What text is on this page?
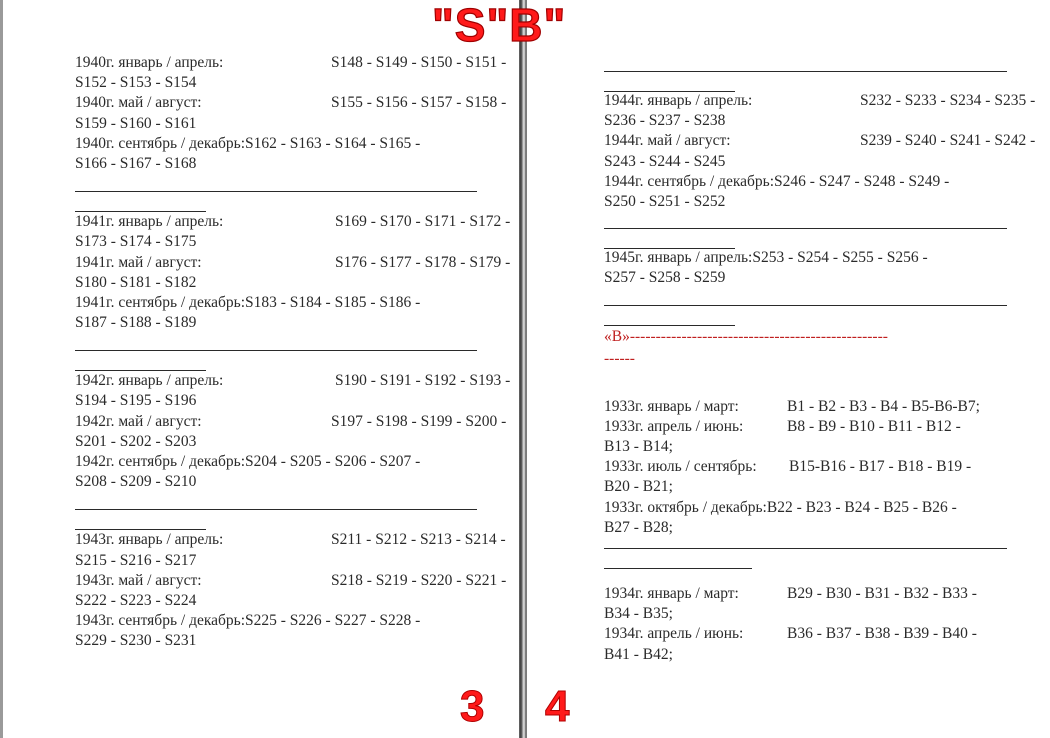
"S"B"
1940г. январь / апрель:	S148 - S149 - S150 - S151 -
S152 - S153 - S154
1940г. май / август:	S155 - S156 - S157 - S158 -
S159 - S160 - S161
1940г. сентябрь / декабрь:S162 - S163 - S164 - S165 -
S166 - S167 - S168
1941г. январь / апрель:	S169 - S170 - S171 - S172 -
S173 - S174 - S175
1941г. май / август:	S176 - S177 - S178 - S179 -
S180 - S181 - S182
1941г. сентябрь / декабрь:S183 - S184 - S185 - S186 -
S187 - S188 - S189
1942г. январь / апрель:	S190 - S191 - S192 - S193 -
S194 - S195 - S196
1942г. май / август:	S197 - S198 - S199 - S200 -
S201 - S202 - S203
1942г. сентябрь / декабрь:S204 - S205 - S206 - S207 -
S208 - S209 - S210
1943г. январь / апрель:	S211 - S212 - S213 - S214 -
S215 - S216 - S217
1943г. май / август:	S218 - S219 - S220 - S221 -
S222 - S223 - S224
1943г. сентябрь / декабрь:S225 - S226 - S227 - S228 -
S229 - S230 - S231
1944г. январь / апрель:	S232 - S233 - S234 - S235 -
S236 - S237 - S238
1944г. май / август:	S239 - S240 - S241 - S242 -
S243 - S244 - S245
1944г. сентябрь / декабрь:S246 - S247 - S248 - S249 -
S250 - S251 - S252
1945г. январь / апрель:S253 - S254 - S255 - S256 -
S257 - S258 - S259
«В»--------------------------------------------------
------
1933г. январь / март:	B1 - B2 - B3 - B4 - B5-B6-B7;
1933г. апрель / июнь:	B8 - B9 - B10 - B11 - B12 -
B13 - B14;
1933г. июль / сентябрь: B15-B16 - B17 - B18 - B19 -
B20 - B21;
1933г. октябрь / декабрь:B22 - B23 - B24 - B25 - B26 -
B27 - B28;
1934г. январь / март:	B29 - B30 - B31 - B32 - B33 -
B34 - B35;
1934г. апрель / июнь:	B36 - B37 - B38 - B39 - B40 -
B41 - B42;
3 4
